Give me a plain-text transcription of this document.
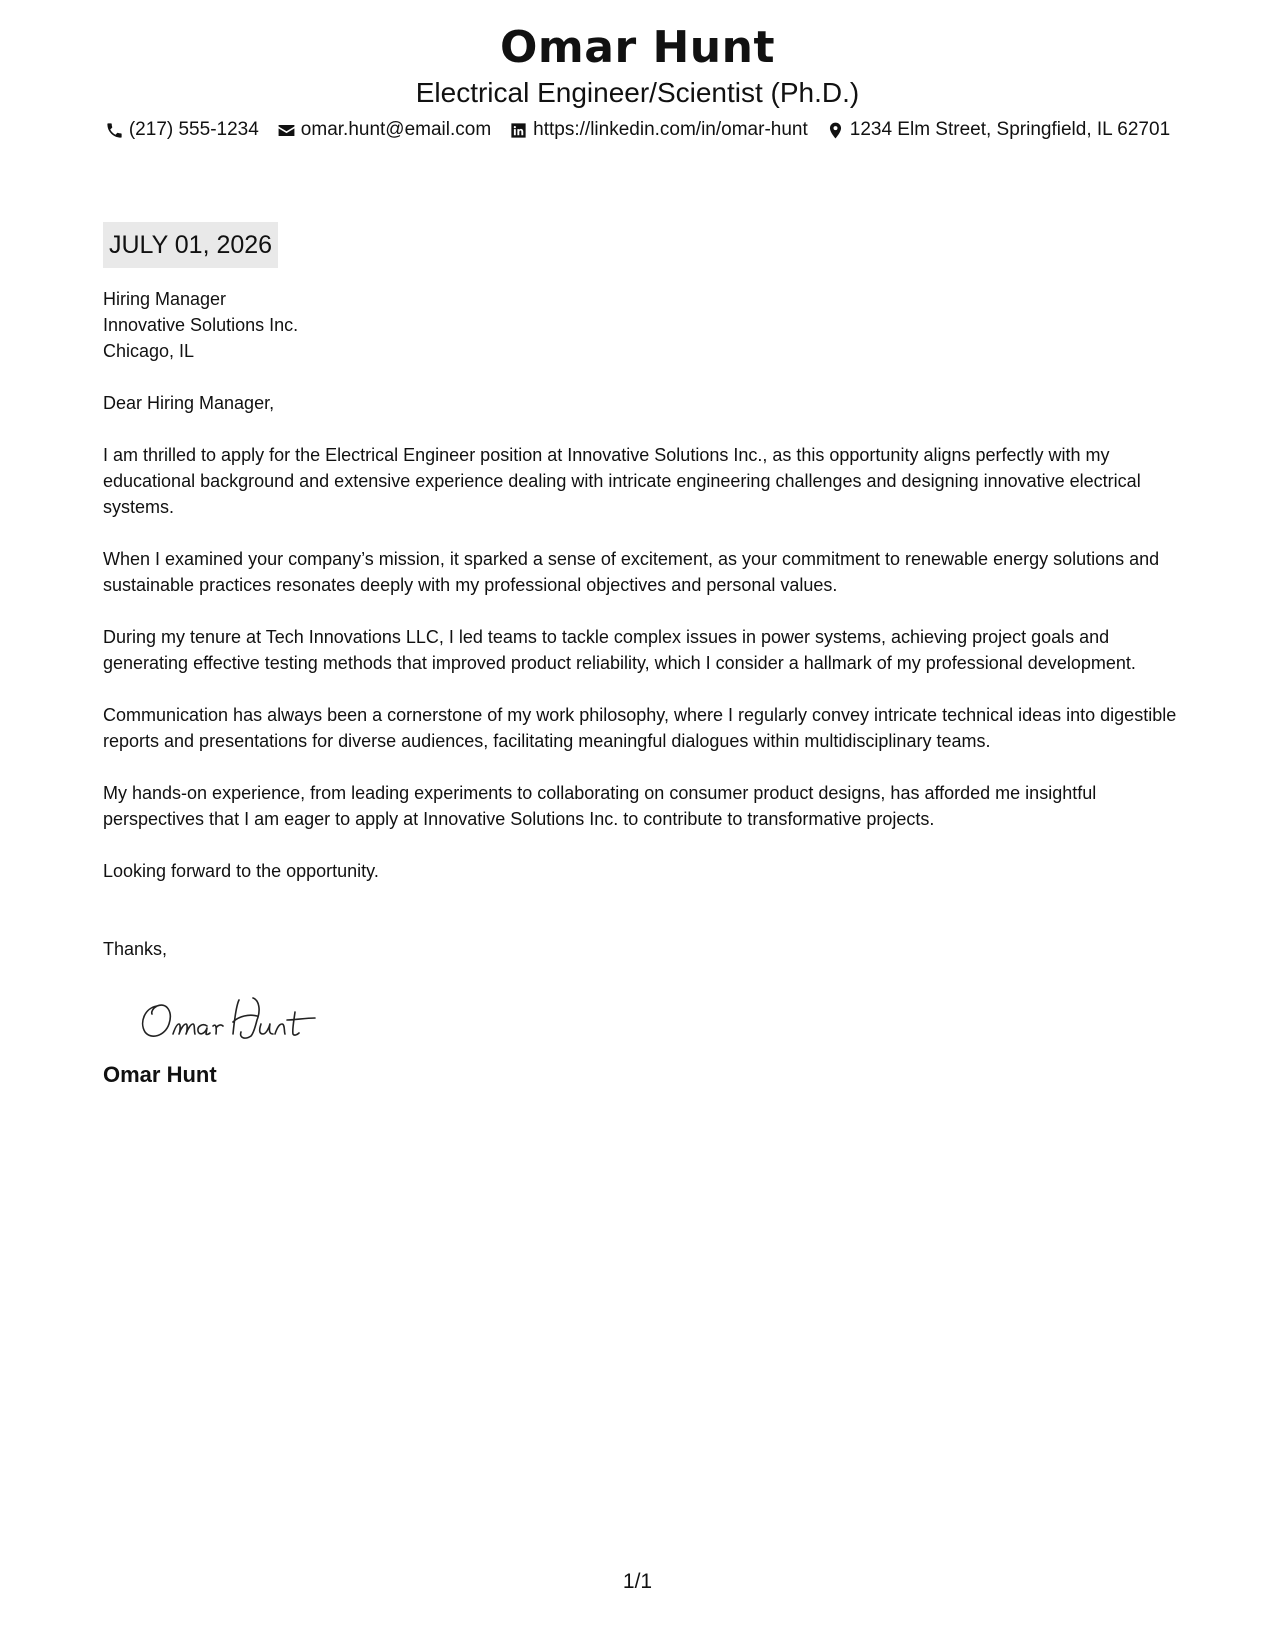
Omar Hunt
Electrical Engineer/Scientist (Ph.D.)
(217) 555-1234 omar.hunt@email.com https://linkedin.com/in/omar-hunt 1234 Elm Street, Springfield, IL 62701
JULY 01, 2026

Hiring Manager

Innovative Solutions Inc.

Chicago, IL

Dear Hiring Manager,

I am thrilled to apply for the Electrical Engineer position at Innovative Solutions Inc., as this opportunity aligns perfectly with my educational background and extensive experience dealing with intricate engineering challenges and designing innovative electrical systems.

When I examined your company’s mission, it sparked a sense of excitement, as your commitment to renewable energy solutions and sustainable practices resonates deeply with my professional objectives and personal values.

During my tenure at Tech Innovations LLC, I led teams to tackle complex issues in power systems, achieving project goals and generating effective testing methods that improved product reliability, which I consider a hallmark of my professional development.

Communication has always been a cornerstone of my work philosophy, where I regularly convey intricate technical ideas into digestible reports and presentations for diverse audiences, facilitating meaningful dialogues within multidisciplinary teams.

My hands-on experience, from leading experiments to collaborating on consumer product designs, has afforded me insightful perspectives that I am eager to apply at Innovative Solutions Inc. to contribute to transformative projects.

Looking forward to the opportunity.

Thanks,

Omar Hunt

1/1
